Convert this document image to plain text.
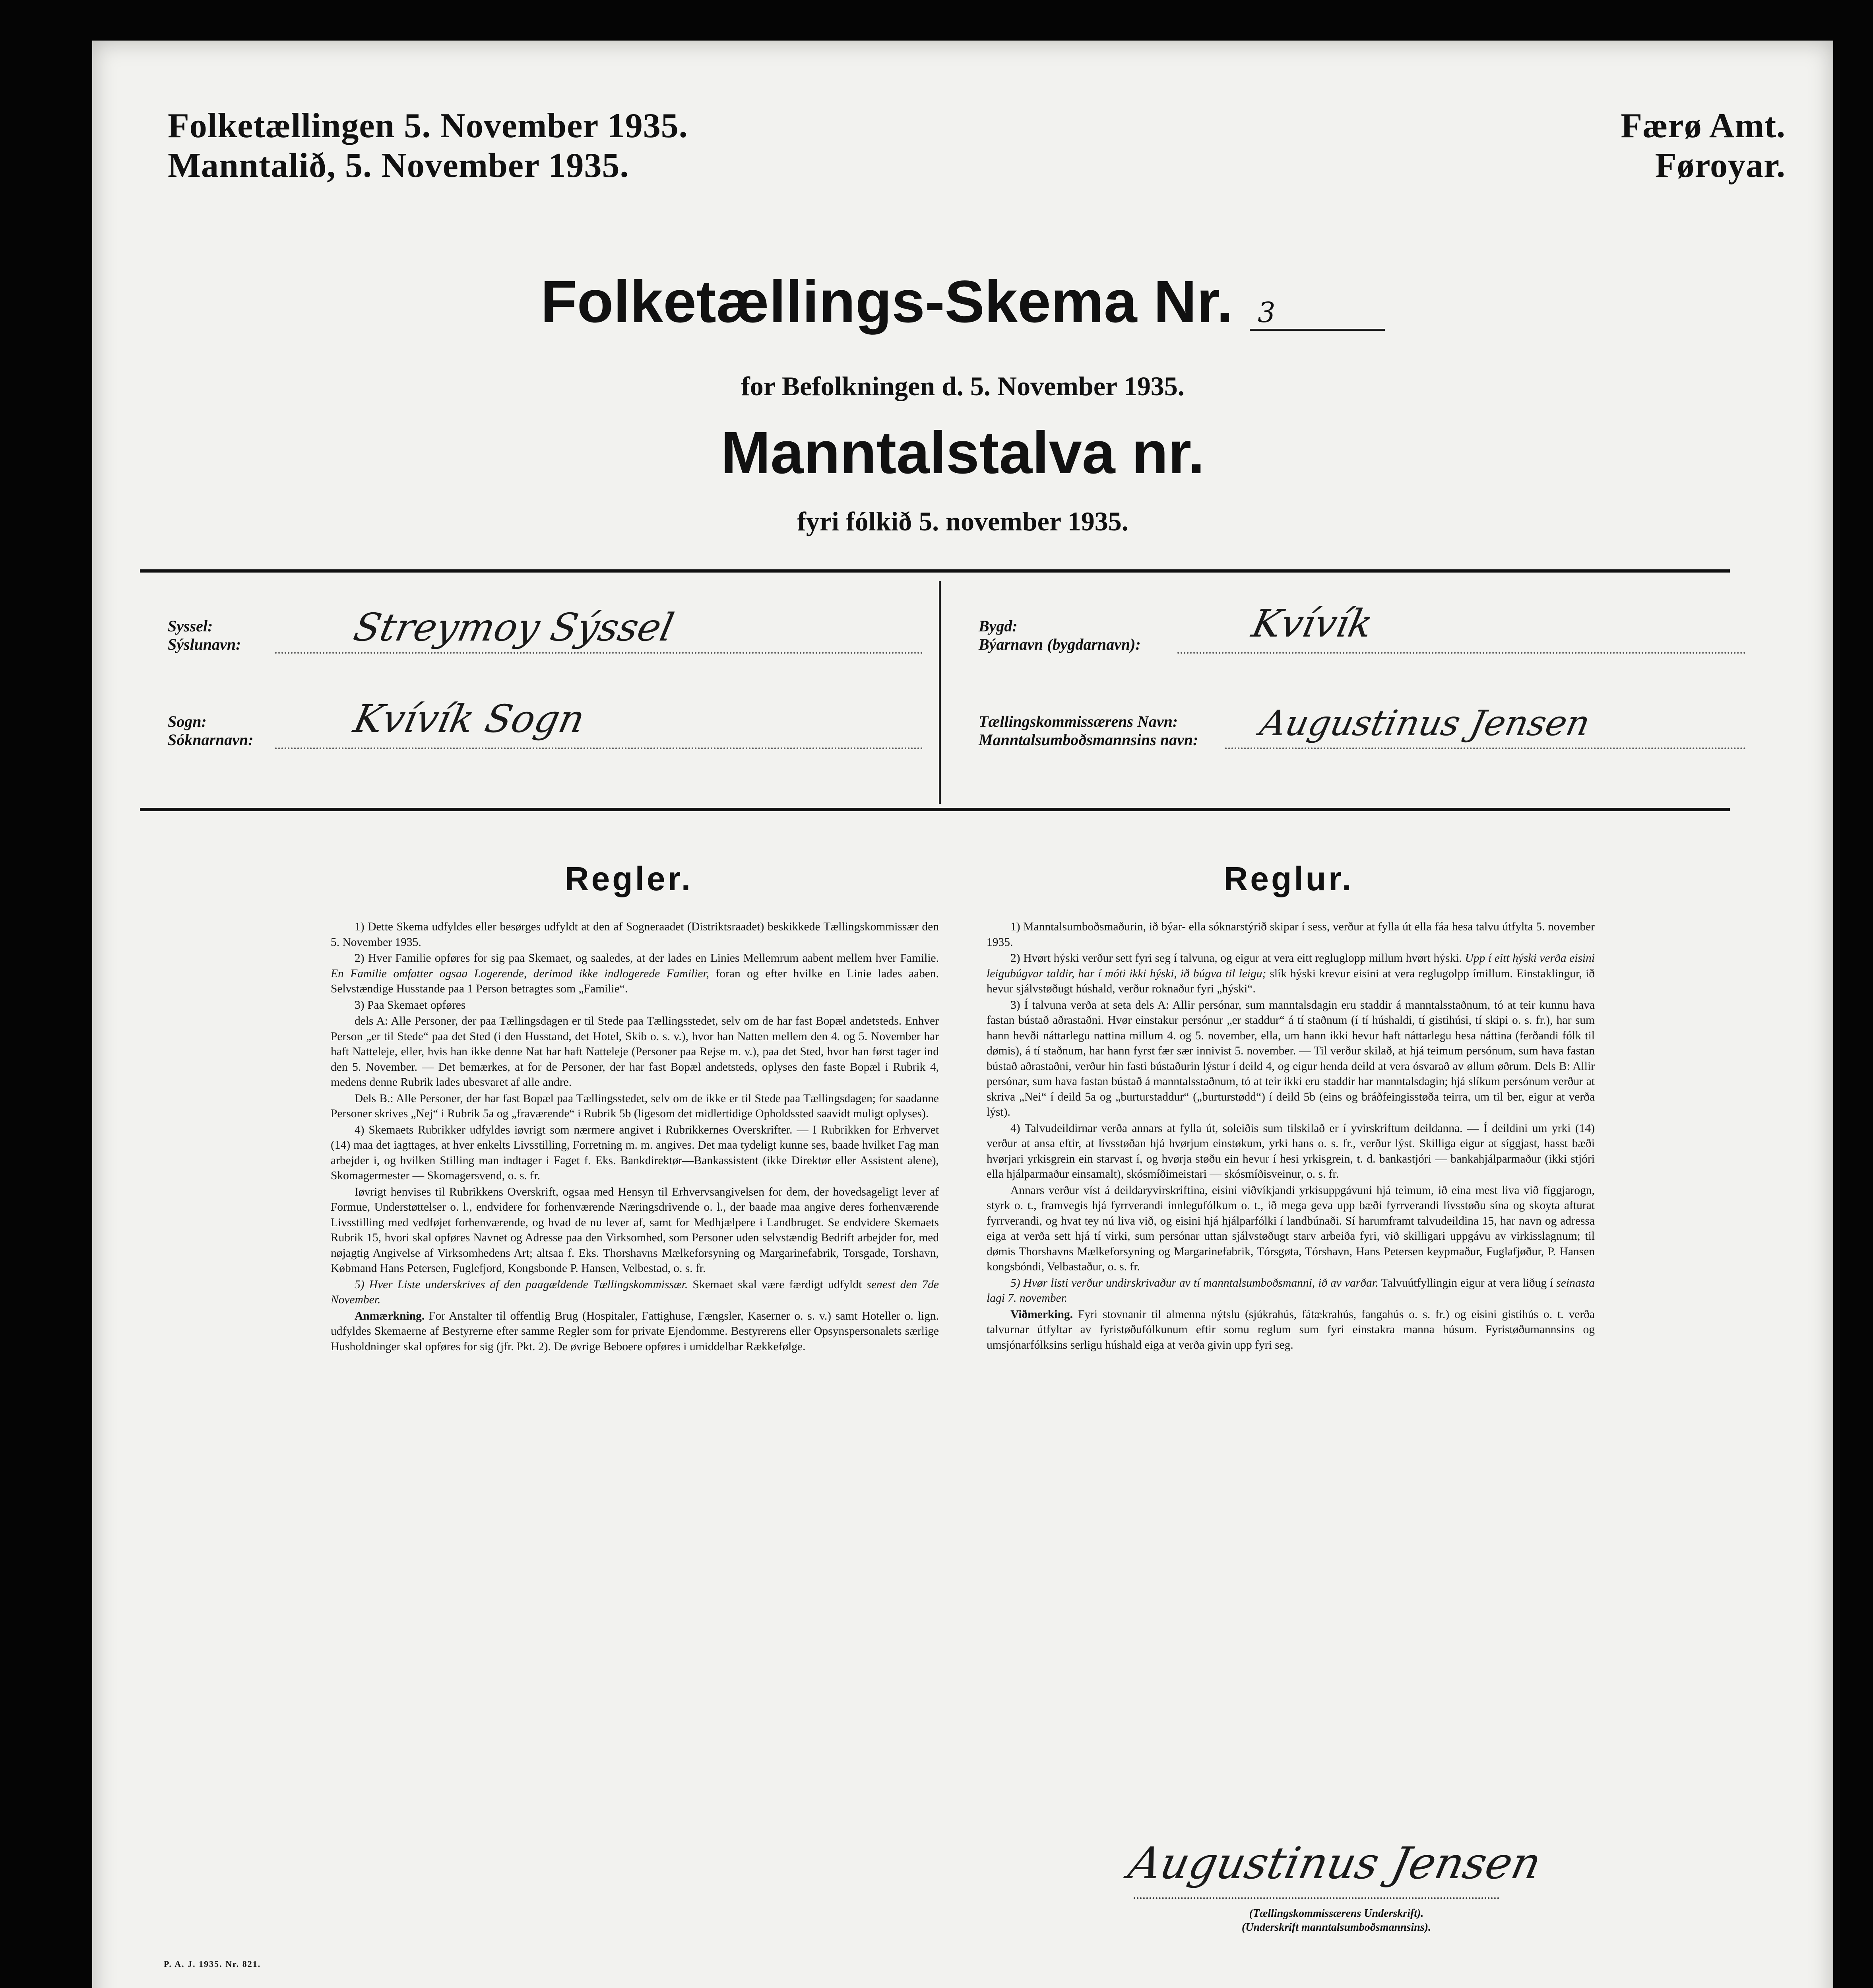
Folketællingen 5. November 1935.
Manntalið, 5. November 1935.
Færø Amt.
Føroyar.
Folketællings-Skema Nr. 3
for Befolkningen d. 5. November 1935.
Manntalstalva nr.
fyri fólkið 5. november 1935.
Syssel:
Sýslunavn:	Streymoy Sýssel
Sogn:
Sóknarnavn:	Kvívík Sogn
Bygd:
Býarnavn (bygdarnavn):	Kvívík
Tællingskommissærens Navn:
Manntalsumboðsmannsins navn:	Augustinus Jensen
Regler.	Reglur.

1) Dette Skema udfyldes eller besørges udfyldt at den af Sogneraadet (Distriktsraadet) beskikkede Tællingskommissær den 5. November 1935.

2) Hver Familie opføres for sig paa Skemaet, og saaledes, at der lades en Linies Mellemrum aabent mellem hver Familie. En Familie omfatter ogsaa Logerende, derimod ikke indlogerede Familier, foran og efter hvilke en Linie lades aaben. Selvstændige Husstande paa 1 Person betragtes som „Familie“.

3) Paa Skemaet opføres

dels A: Alle Personer, der paa Tællingsdagen er til Stede paa Tællingsstedet, selv om de har fast Bopæl andetsteds. Enhver Person „er til Stede“ paa det Sted (i den Husstand, det Hotel, Skib o. s. v.), hvor han Natten mellem den 4. og 5. November har haft Natteleje, eller, hvis han ikke denne Nat har haft Natteleje (Personer paa Rejse m. v.), paa det Sted, hvor han først tager ind den 5. November. — Det bemærkes, at for de Personer, der har fast Bopæl andetsteds, oplyses den faste Bopæl i Rubrik 4, medens denne Rubrik lades ubesvaret af alle andre.

Dels B.: Alle Personer, der har fast Bopæl paa Tællingsstedet, selv om de ikke er til Stede paa Tællingsdagen; for saadanne Personer skrives „Nej“ i Rubrik 5a og „fraværende“ i Rubrik 5b (ligesom det midlertidige Opholdssted saavidt muligt oplyses).

4) Skemaets Rubrikker udfyldes iøvrigt som nærmere angivet i Rubrikkernes Overskrifter. — I Rubrikken for Erhvervet (14) maa det iagttages, at hver enkelts Livsstilling, Forretning m. m. angives. Det maa tydeligt kunne ses, baade hvilket Fag man arbejder i, og hvilken Stilling man indtager i Faget f. Eks. Bankdirektør—Bankassistent (ikke Direktør eller Assistent alene), Skomagermester — Skomagersvend, o. s. fr.

Iøvrigt henvises til Rubrikkens Overskrift, ogsaa med Hensyn til Erhvervsangivelsen for dem, der hovedsageligt lever af Formue, Understøttelser o. l., endvidere for forhenværende Næringsdrivende o. l., der baade maa angive deres forhenværende Livsstilling med vedføjet forhenværende, og hvad de nu lever af, samt for Medhjælpere i Landbruget. Se endvidere Skemaets Rubrik 15, hvori skal opføres Navnet og Adresse paa den Virksomhed, som Personer uden selvstændig Bedrift arbejder for, med nøjagtig Angivelse af Virksomhedens Art; altsaa f. Eks. Thorshavns Mælkeforsyning og Margarinefabrik, Torsgade, Torshavn, Købmand Hans Petersen, Fuglefjord, Kongsbonde P. Hansen, Velbestad, o. s. fr.

5) Hver Liste underskrives af den paagældende Tællingskommissær. Skemaet skal være færdigt udfyldt senest den 7de November.

Anmærkning. For Anstalter til offentlig Brug (Hospitaler, Fattighuse, Fængsler, Kaserner o. s. v.) samt Hoteller o. lign. udfyldes Skemaerne af Bestyrerne efter samme Regler som for private Ejendomme. Bestyrerens eller Opsynspersonalets særlige Husholdninger skal opføres for sig (jfr. Pkt. 2). De øvrige Beboere opføres i umiddelbar Rækkefølge.

1) Manntalsumboðsmaðurin, ið býar- ella sóknarstýrið skipar í sess, verður at fylla út ella fáa hesa talvu útfylta 5. november 1935.

2) Hvørt hýski verður sett fyri seg í talvuna, og eigur at vera eitt regluglopp millum hvørt hýski. Upp í eitt hýski verða eisini leigubúgvar taldir, har í móti ikki hýski, ið búgva til leigu; slík hýski krevur eisini at vera reglugolpp ímillum. Einstaklingur, ið hevur sjálvstøðugt húshald, verður roknaður fyri „hýski“.

3) Í talvuna verða at seta dels A: Allir persónar, sum manntalsdagin eru staddir á manntalsstaðnum, tó at teir kunnu hava fastan bústað aðrastaðni. Hvør einstakur persónur „er staddur“ á tí staðnum (í tí húshaldi, tí gistihúsi, tí skipi o. s. fr.), har sum hann hevði náttarlegu nattina millum 4. og 5. november, ella, um hann ikki hevur haft náttarlegu hesa náttina (ferðandi fólk til dømis), á tí staðnum, har hann fyrst fær sær innivist 5. november. — Til verður skilað, at hjá teimum persónum, sum hava fastan bústað aðrastaðni, verður hin fasti bústaðurin lýstur í deild 4, og eigur henda deild at vera ósvarað av øllum øðrum. Dels B: Allir persónar, sum hava fastan bústað á manntalsstaðnum, tó at teir ikki eru staddir har manntalsdagin; hjá slíkum persónum verður at skriva „Nei“ í deild 5a og „burturstaddur“ („burturstødd“) í deild 5b (eins og bráðfeingisstøða teirra, um til ber, eigur at verða lýst).

4) Talvudeildirnar verða annars at fylla út, soleiðis sum tilskilað er í yvirskriftum deildanna. — Í deildini um yrki (14) verður at ansa eftir, at lívsstøðan hjá hvørjum einstøkum, yrki hans o. s. fr., verður lýst. Skilliga eigur at síggjast, hasst bæði hvørjari yrkisgrein ein starvast í, og hvørja støðu ein hevur í hesi yrkisgrein, t. d. bankastjóri — bankahjálparmaður (ikki stjóri ella hjálparmaður einsamalt), skósmíðimeistari — skósmíðisveinur, o. s. fr.

Annars verður víst á deildaryvirskriftina, eisini viðvíkjandi yrkisuppgávuni hjá teimum, ið eina mest liva við fíggjarogn, styrk o. t., framvegis hjá fyrrverandi innlegufólkum o. t., ið mega geva upp bæði fyrrverandi lívsstøðu sína og skoyta afturat fyrrverandi, og hvat tey nú liva við, og eisini hjá hjálparfólki í landbúnaði. Sí harumframt talvudeildina 15, har navn og adressa eiga at verða sett hjá tí virki, sum persónar uttan sjálvstøðugt starv arbeiða fyri, við skilligari uppgávu av virkisslagnum; til dømis Thorshavns Mælkeforsyning og Margarinefabrik, Tórsgøta, Tórshavn, Hans Petersen keypmaður, Fuglafjøður, P. Hansen kongsbóndi, Velbastaður, o. s. fr.

5) Hvør listi verður undirskrivaður av tí manntalsumboðsmanni, ið av varðar. Talvuútfyllingin eigur at vera liðug í seinasta lagi 7. november.

Viðmerking. Fyri stovnanir til almenna nýtslu (sjúkrahús, fátækrahús, fangahús o. s. fr.) og eisini gistihús o. t. verða talvurnar útfyltar av fyristøðufólkunum eftir somu reglum sum fyri einstakra manna húsum. Fyristøðumannsins og umsjónarfólksins serligu húshald eiga at verða givin upp fyri seg.

Augustinus Jensen
(Tællingskommissærens Underskrift).
(Underskrift manntalsumboðsmannsins).
P. A. J. 1935. Nr. 821.
